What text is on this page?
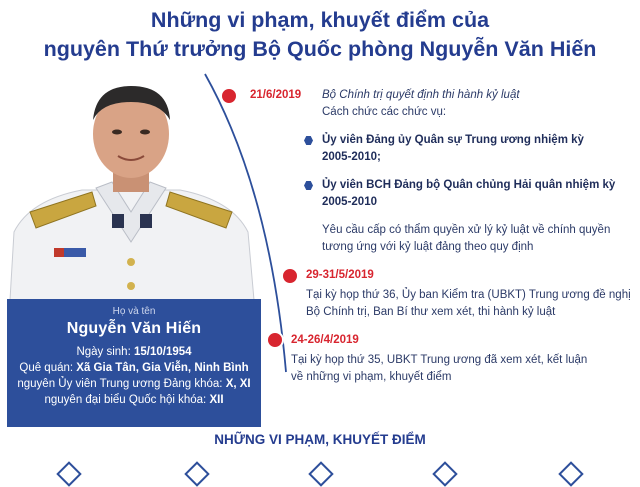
Những vi phạm, khuyết điểm của
nguyên Thứ trưởng Bộ Quốc phòng Nguyễn Văn Hiến
Họ và tên
Nguyễn Văn Hiến
Ngày sinh: 15/10/1954
Quê quán: Xã Gia Tân, Gia Viễn, Ninh Bình
nguyên Ủy viên Trung ương Đảng khóa: X, XI
nguyên đại biểu Quốc hội khóa: XII
21/6/2019 Bộ Chính trị quyết định thi hành kỷ luật
Cách chức các chức vụ:
Ủy viên Đảng ủy Quân sự Trung ương nhiệm kỳ
2005-2010;
Ủy viên BCH Đảng bộ Quân chủng Hải quân nhiệm kỳ
2005-2010
Yêu cầu cấp có thẩm quyền xử lý kỷ luật về chính quyền
tương ứng với kỷ luật đảng theo quy định
29-31/5/2019
Tại kỳ họp thứ 36, Ủy ban Kiểm tra (UBKT) Trung ương đề nghị
Bộ Chính trị, Ban Bí thư xem xét, thi hành kỷ luật
24-26/4/2019
Tại kỳ họp thứ 35, UBKT Trung ương đã xem xét, kết luận
về những vi phạm, khuyết điểm
NHỮNG VI PHẠM, KHUYẾT ĐIỂM
